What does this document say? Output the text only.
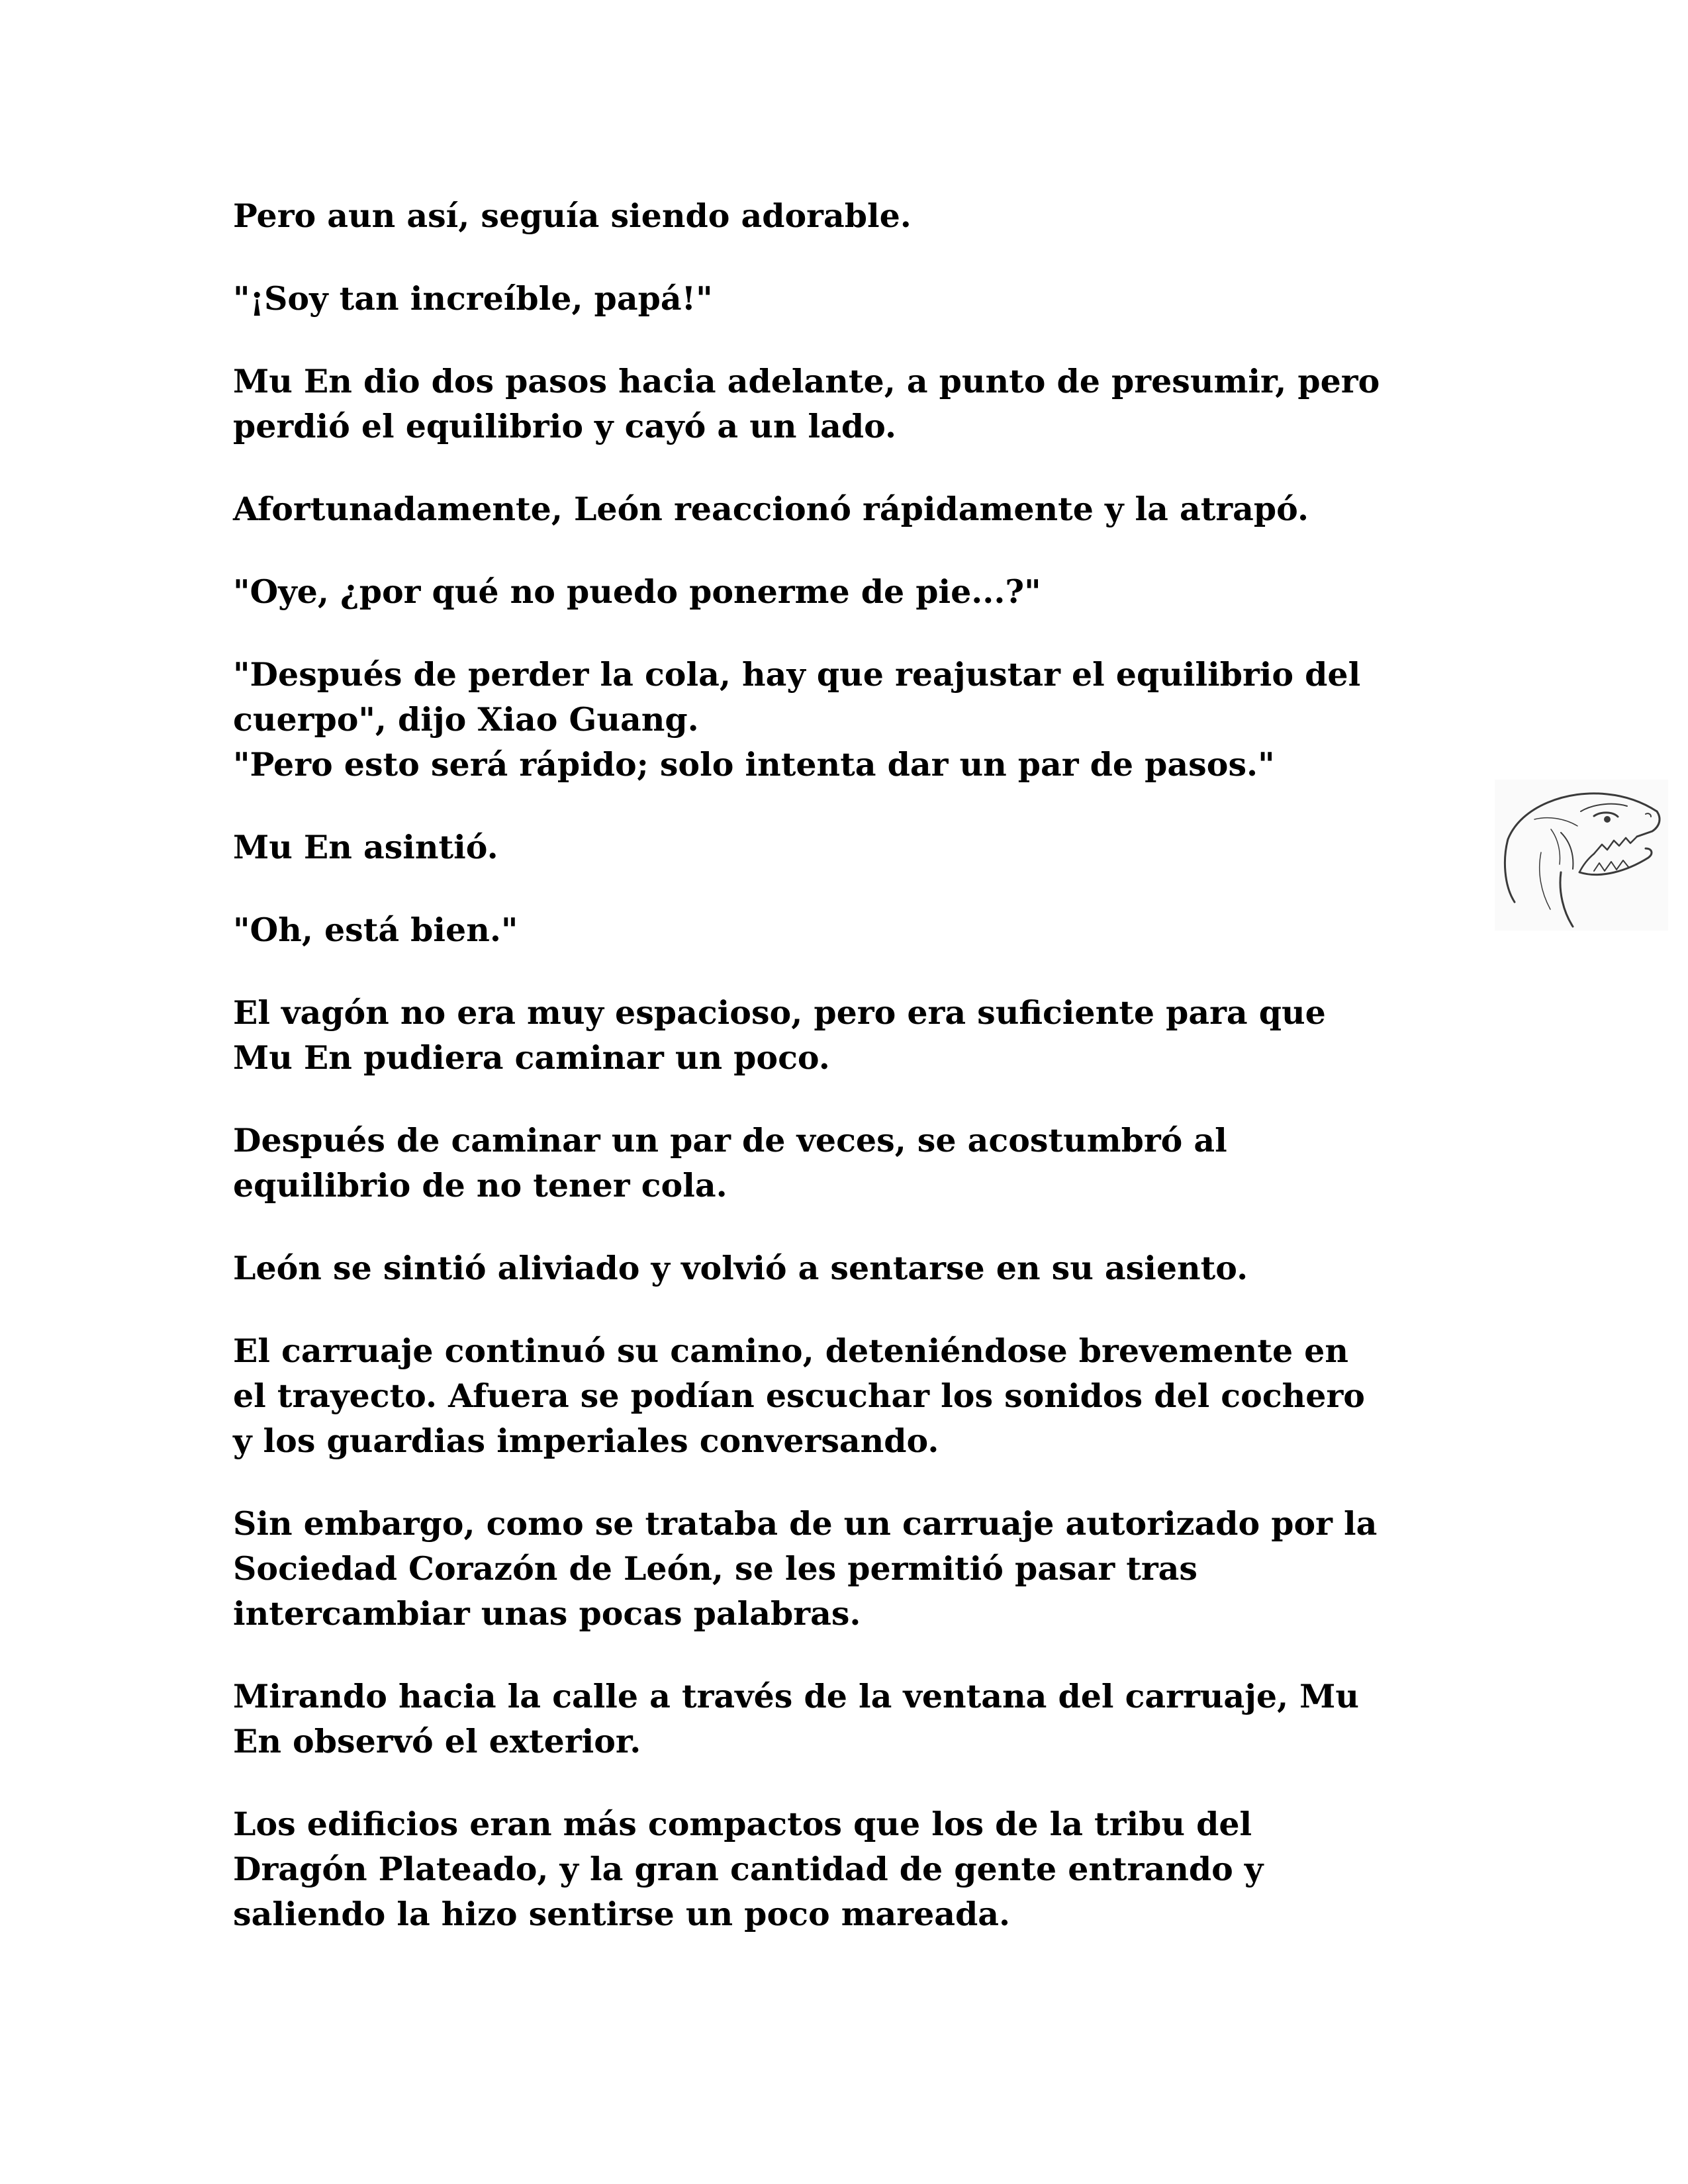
Pero aun así, seguía siendo adorable.

"¡Soy tan increíble, papá!"

Mu En dio dos pasos hacia adelante, a punto de presumir, pero
perdió el equilibrio y cayó a un lado.

Afortunadamente, León reaccionó rápidamente y la atrapó.

"Oye, ¿por qué no puedo ponerme de pie...?"

"Después de perder la cola, hay que reajustar el equilibrio del
cuerpo", dijo Xiao Guang.
"Pero esto será rápido; solo intenta dar un par de pasos."

Mu En asintió.

"Oh, está bien."

El vagón no era muy espacioso, pero era suficiente para que
Mu En pudiera caminar un poco.

Después de caminar un par de veces, se acostumbró al
equilibrio de no tener cola.

León se sintió aliviado y volvió a sentarse en su asiento.

El carruaje continuó su camino, deteniéndose brevemente en
el trayecto. Afuera se podían escuchar los sonidos del cochero
y los guardias imperiales conversando.

Sin embargo, como se trataba de un carruaje autorizado por la
Sociedad Corazón de León, se les permitió pasar tras
intercambiar unas pocas palabras.

Mirando hacia la calle a través de la ventana del carruaje, Mu
En observó el exterior.

Los edificios eran más compactos que los de la tribu del
Dragón Plateado, y la gran cantidad de gente entrando y
saliendo la hizo sentirse un poco mareada.
